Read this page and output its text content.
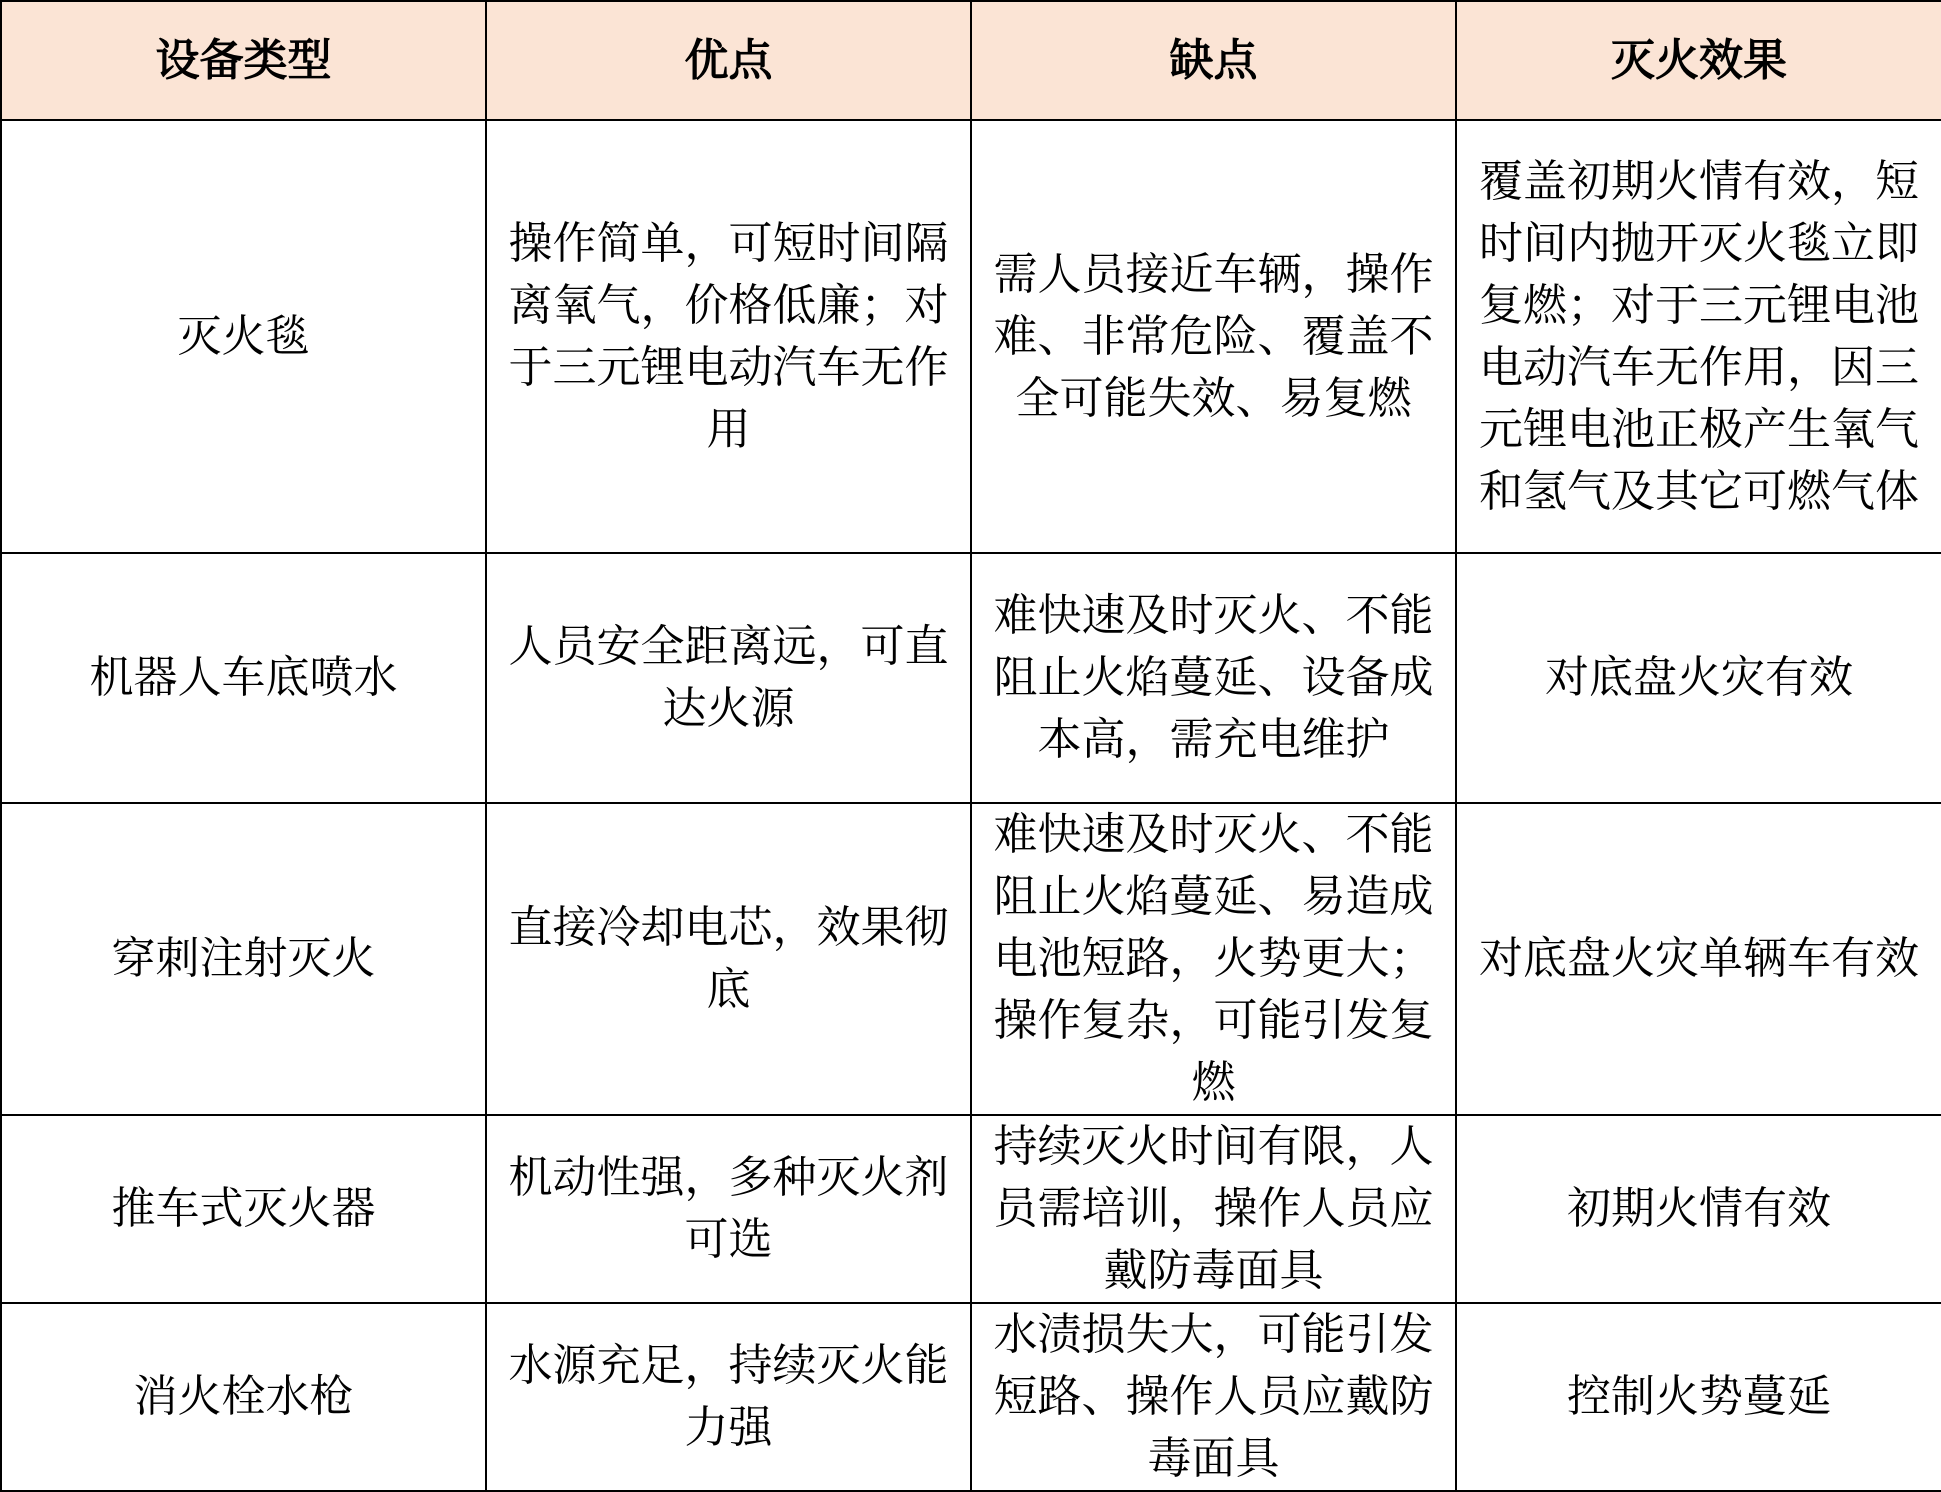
设备类型	优点	缺点	灭火效果
灭火毯	操作简单，可短时间隔离氧气，价格低廉；对于三元锂电动汽车无作用	需人员接近车辆，操作难、非常危险、覆盖不全可能失效、易复燃	覆盖初期火情有效，短时间内抛开灭火毯立即复燃；对于三元锂电池电动汽车无作用，因三元锂电池正极产生氧气和氢气及其它可燃气体
机器人车底喷水	人员安全距离远，可直达火源	难快速及时灭火、不能阻止火焰蔓延、设备成本高，需充电维护	对底盘火灾有效
穿刺注射灭火	直接冷却电芯，效果彻底	难快速及时灭火、不能阻止火焰蔓延、易造成电池短路，火势更大；操作复杂，可能引发复燃	对底盘火灾单辆车有效
推车式灭火器	机动性强，多种灭火剂可选	持续灭火时间有限，人员需培训，操作人员应戴防毒面具	初期火情有效
消火栓水枪	水源充足，持续灭火能力强	水渍损失大，可能引发短路、操作人员应戴防毒面具	控制火势蔓延
